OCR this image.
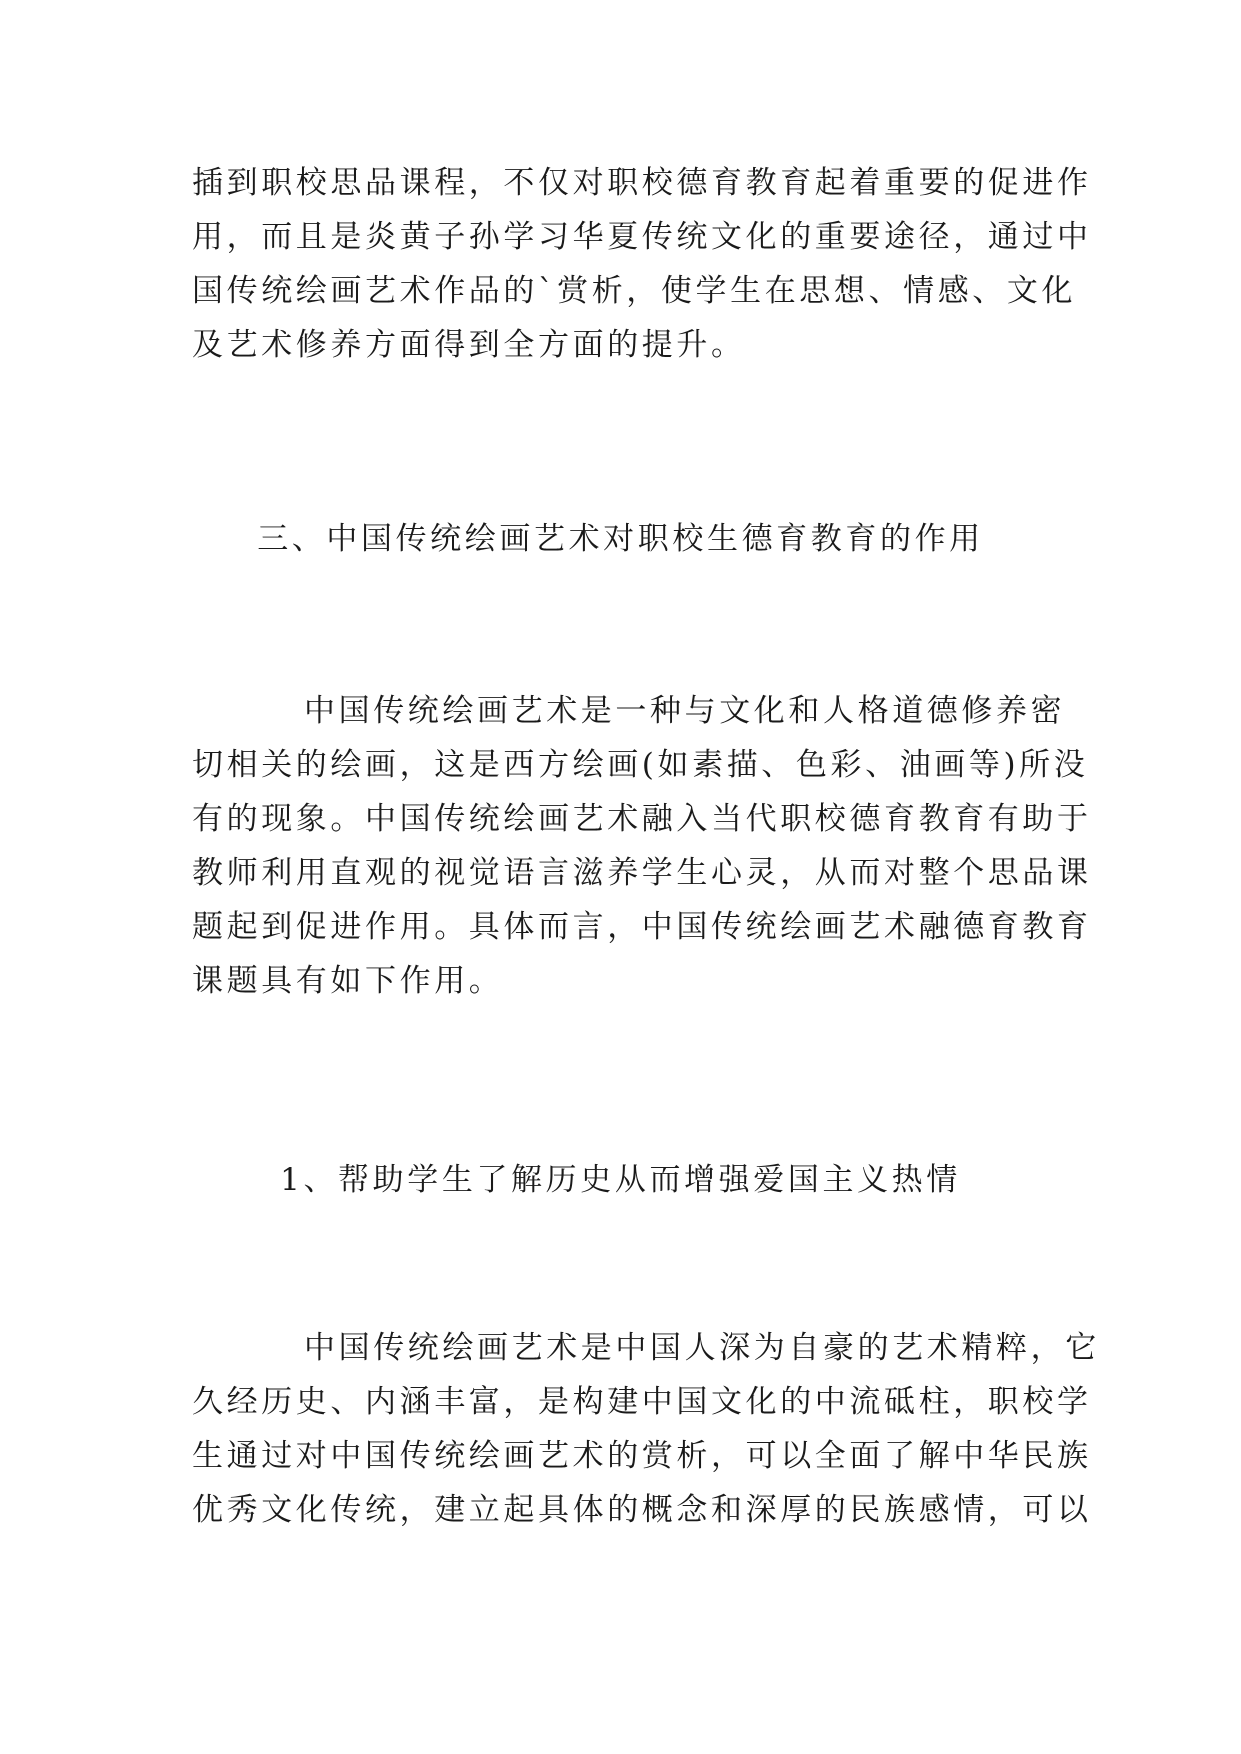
插到职校思品课程，不仅对职校德育教育起着重要的促进作
用，而且是炎黄子孙学习华夏传统文化的重要途径，通过中
国传统绘画艺术作品的`赏析，使学生在思想、情感、文化
及艺术修养方面得到全方面的提升。
三、中国传统绘画艺术对职校生德育教育的作用
中国传统绘画艺术是一种与文化和人格道德修养密
切相关的绘画，这是西方绘画(如素描、色彩、油画等)所没
有的现象。中国传统绘画艺术融入当代职校德育教育有助于
教师利用直观的视觉语言滋养学生心灵，从而对整个思品课
题起到促进作用。具体而言，中国传统绘画艺术融德育教育
课题具有如下作用。
1、帮助学生了解历史从而增强爱国主义热情
中国传统绘画艺术是中国人深为自豪的艺术精粹，它
久经历史、内涵丰富，是构建中国文化的中流砥柱，职校学
生通过对中国传统绘画艺术的赏析，可以全面了解中华民族
优秀文化传统，建立起具体的概念和深厚的民族感情，可以
